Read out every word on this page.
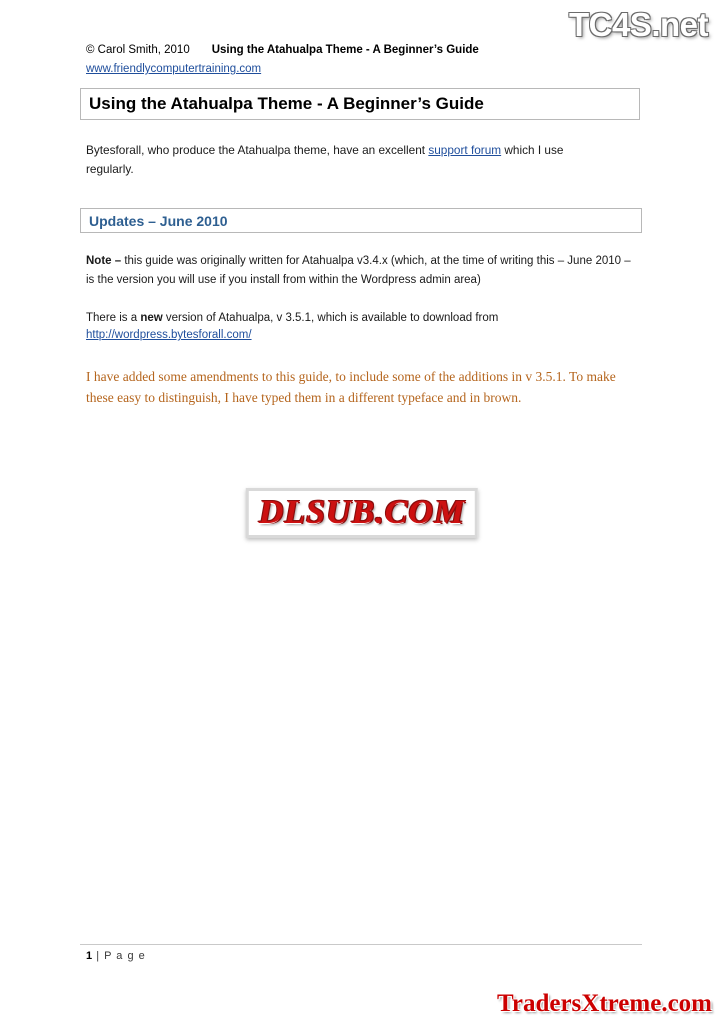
TC4S.net
© Carol Smith, 2010 Using the Atahualpa Theme - A Beginner’s Guide
www.friendlycomputertraining.com
Using the Atahualpa Theme - A Beginner’s Guide
Bytesforall, who produce the Atahualpa theme, have an excellent support forum which I use regularly.
Updates – June 2010
Note – this guide was originally written for Atahualpa v3.4.x (which, at the time of writing this – June 2010 – is the version you will use if you install from within the Wordpress admin area)
There is a new version of Atahualpa, v 3.5.1, which is available to download from
http://wordpress.bytesforall.com/
I have added some amendments to this guide, to include some of the additions in v 3.5.1. To make these easy to distinguish, I have typed them in a different typeface and in brown.
DLSUB.COM
1 | P a g e
TradersXtreme.com
